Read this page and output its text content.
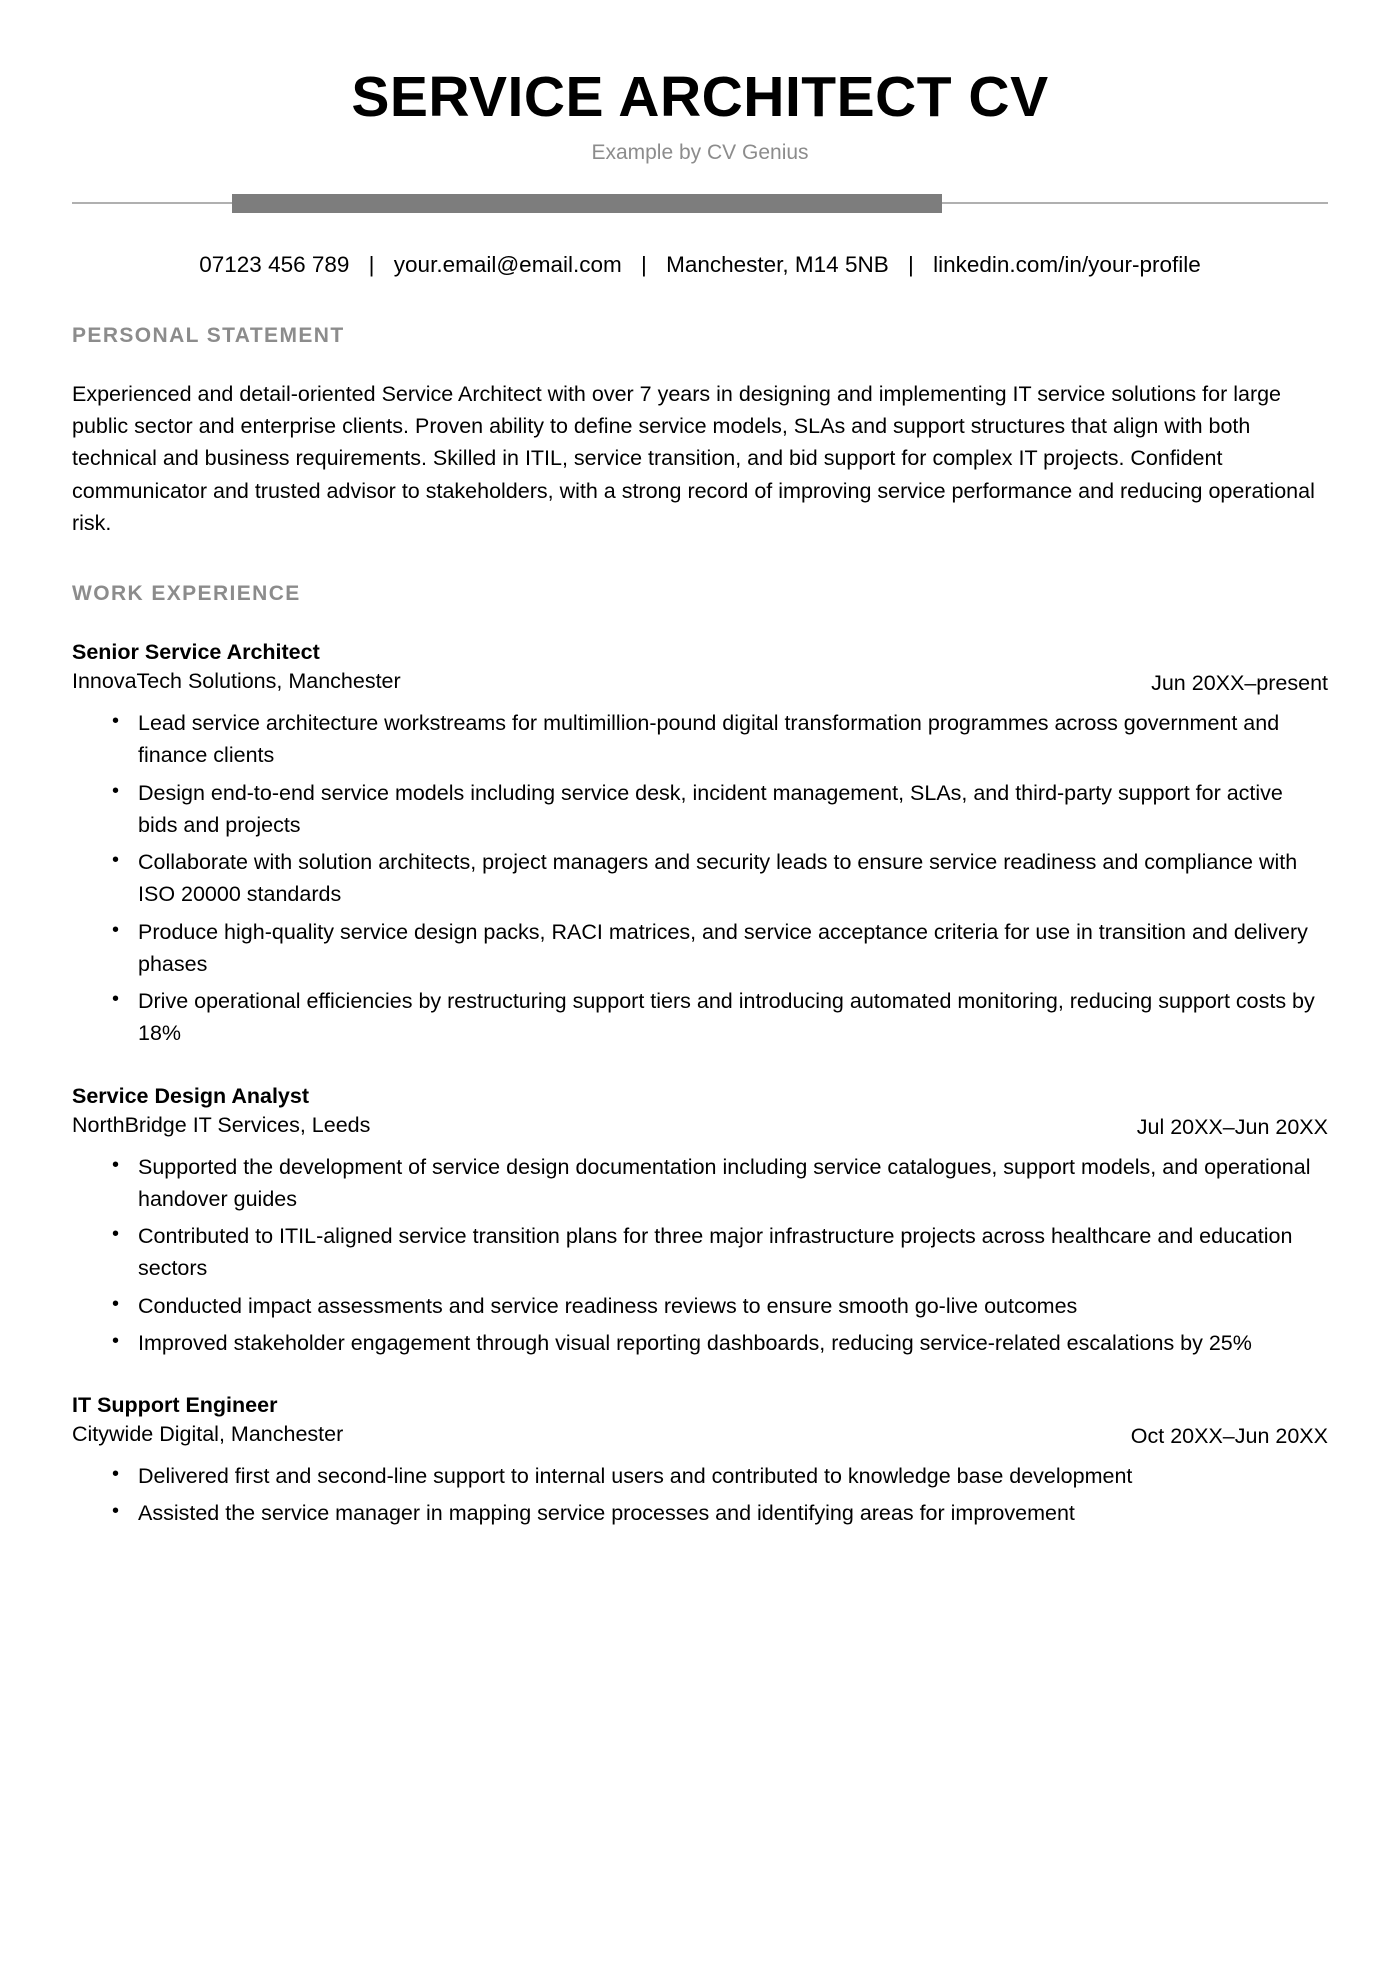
SERVICE ARCHITECT CV
Example by CV Genius
07123 456 789 | your.email@email.com | Manchester, M14 5NB | linkedin.com/in/your-profile
PERSONAL STATEMENT
Experienced and detail-oriented Service Architect with over 7 years in designing and implementing IT service solutions for large public sector and enterprise clients. Proven ability to define service models, SLAs and support structures that align with both technical and business requirements. Skilled in ITIL, service transition, and bid support for complex IT projects. Confident communicator and trusted advisor to stakeholders, with a strong record of improving service performance and reducing operational risk.
WORK EXPERIENCE
Senior Service Architect
InnovaTech Solutions, Manchester	Jun 20XX–present
• Lead service architecture workstreams for multimillion-pound digital transformation programmes across government and finance clients
• Design end-to-end service models including service desk, incident management, SLAs, and third-party support for active bids and projects
• Collaborate with solution architects, project managers and security leads to ensure service readiness and compliance with ISO 20000 standards
• Produce high-quality service design packs, RACI matrices, and service acceptance criteria for use in transition and delivery phases
• Drive operational efficiencies by restructuring support tiers and introducing automated monitoring, reducing support costs by 18%
Service Design Analyst
NorthBridge IT Services, Leeds	Jul 20XX–Jun 20XX
• Supported the development of service design documentation including service catalogues, support models, and operational handover guides
• Contributed to ITIL-aligned service transition plans for three major infrastructure projects across healthcare and education sectors
• Conducted impact assessments and service readiness reviews to ensure smooth go-live outcomes
• Improved stakeholder engagement through visual reporting dashboards, reducing service-related escalations by 25%
IT Support Engineer
Citywide Digital, Manchester	Oct 20XX–Jun 20XX
• Delivered first and second-line support to internal users and contributed to knowledge base development
• Assisted the service manager in mapping service processes and identifying areas for improvement
